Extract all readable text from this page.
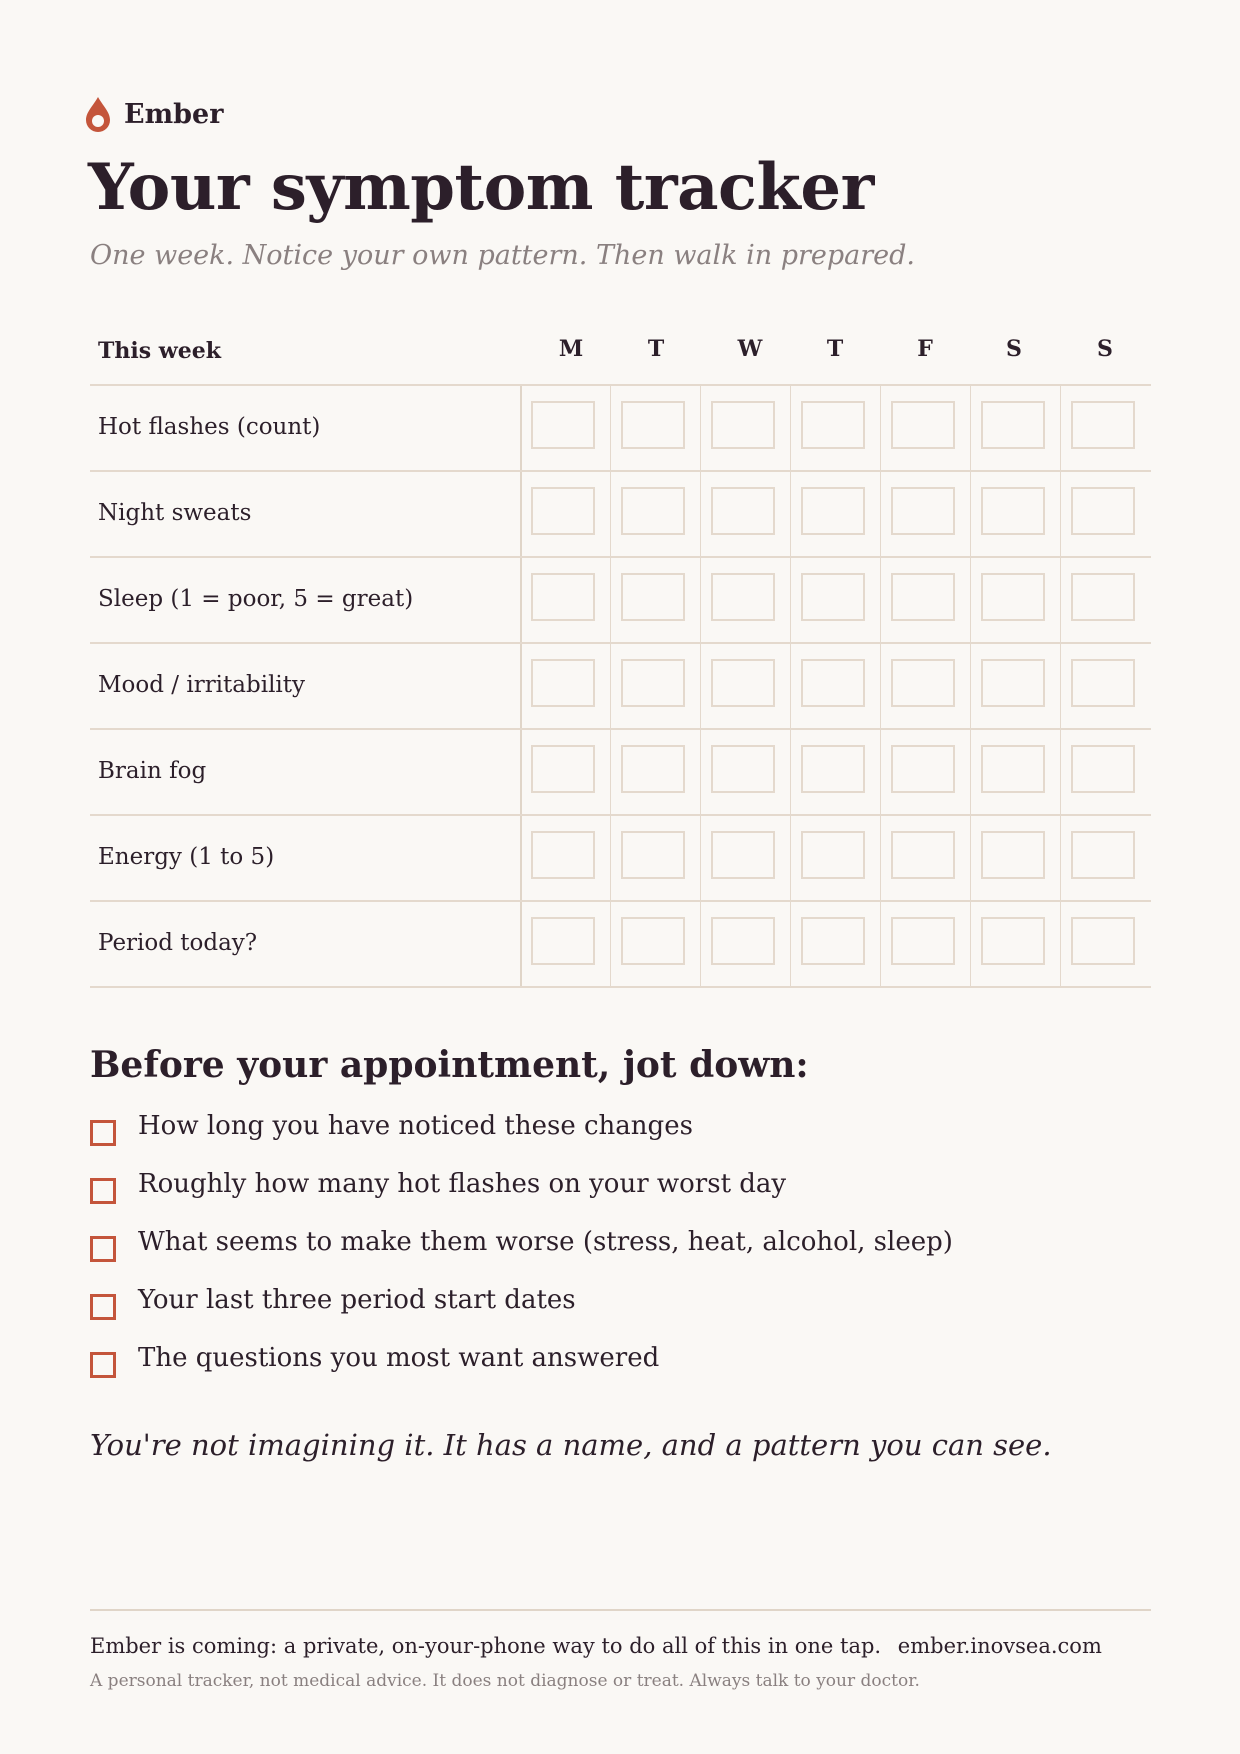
Ember
Your symptom tracker

One week. Notice your own pattern. Then walk in prepared.

This week	M	T	W	T	F	S	S
Hot flashes (count)
Night sweats
Sleep (1 = poor, 5 = great)
Mood / irritability
Brain fog
Energy (1 to 5)
Period today?
Before your appointment, jot down:
How long you have noticed these changes
Roughly how many hot flashes on your worst day
What seems to make them worse (stress, heat, alcohol, sleep)
Your last three period start dates
The questions you most want answered

You're not imagining it. It has a name, and a pattern you can see.

Ember is coming: a private, on-your-phone way to do all of this in one tap. ember.inovsea.com
A personal tracker, not medical advice. It does not diagnose or treat. Always talk to your doctor.
